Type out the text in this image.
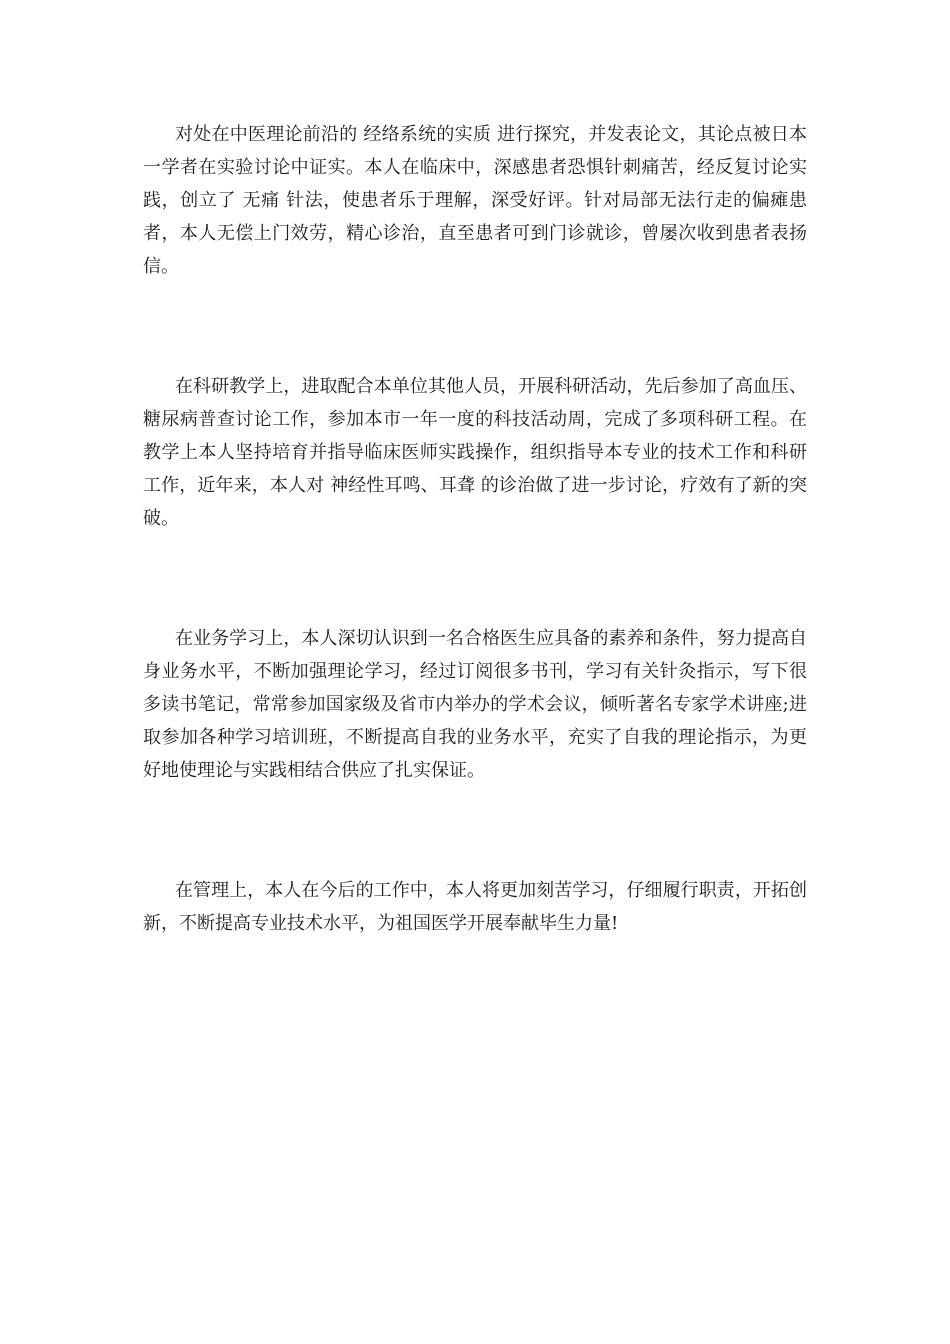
对处在中医理论前沿的 经络系统的实质 进行探究，并发表论文，其论点被日本一学者在实验讨论中证实。本人在临床中，深感患者恐惧针刺痛苦，经反复讨论实践，创立了 无痛 针法，使患者乐于理解，深受好评。针对局部无法行走的偏瘫患者，本人无偿上门效劳，精心诊治，直至患者可到门诊就诊，曾屡次收到患者表扬信。

在科研教学上，进取配合本单位其他人员，开展科研活动，先后参加了高血压、糖尿病普查讨论工作，参加本市一年一度的科技活动周，完成了多项科研工程。在教学上本人坚持培育并指导临床医师实践操作，组织指导本专业的技术工作和科研工作，近年来，本人对 神经性耳鸣、耳聋 的诊治做了进一步讨论，疗效有了新的突破。

在业务学习上，本人深切认识到一名合格医生应具备的素养和条件，努力提高自身业务水平，不断加强理论学习，经过订阅很多书刊，学习有关针灸指示，写下很多读书笔记，常常参加国家级及省市内举办的学术会议，倾听著名专家学术讲座;进取参加各种学习培训班，不断提高自我的业务水平，充实了自我的理论指示，为更好地使理论与实践相结合供应了扎实保证。

在管理上，本人在今后的工作中，本人将更加刻苦学习，仔细履行职责，开拓创新，不断提高专业技术水平，为祖国医学开展奉献毕生力量!
